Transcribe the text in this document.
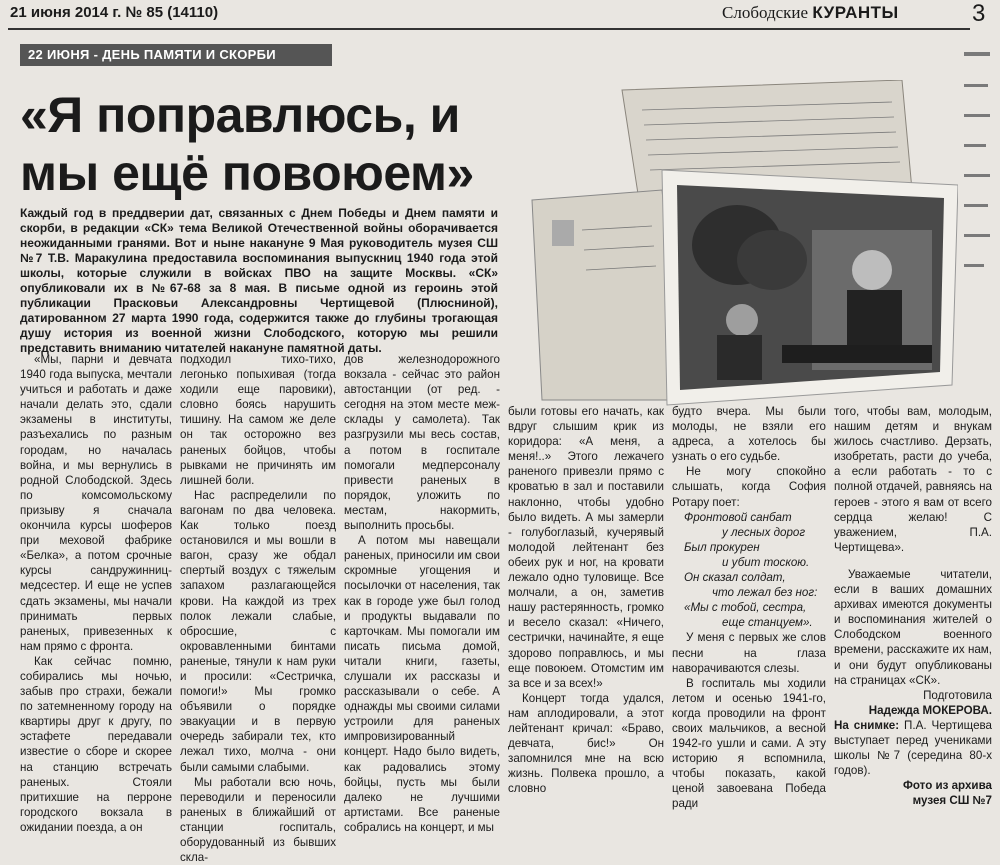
21 июня 2014 г. № 85 (14110)	Слободские КУРАНТЫ	3
22 ИЮНЯ - ДЕНЬ ПАМЯТИ И СКОРБИ
«Я поправлюсь, и мы ещё повоюем»
Каждый год в преддверии дат, связанных с Днем Победы и Днем памяти и скорби, в редакции «СК» тема Великой Отечественной войны оборачивается неожиданными гранями. Вот и ныне накануне 9 Мая руководитель музея СШ №7 Т.В. Маракулина предоставила воспоминания выпускниц 1940 года этой школы, которые служили в войсках ПВО на защите Москвы. «СК» опубликовали их в №67-68 за 8 мая. В письме одной из героинь этой публикации Прасковьи Александровны Чертищевой (Плюсниной), датированном 27 марта 1990 года, содержится также до глубины трогающая душу история из военной жизни Слободского, которую мы решили представить вниманию читателей накануне памятной даты.

«Мы, парни и девчата 1940 года выпуска, мечтали учиться и работать и даже начали делать это, сдали экзамены в институты, разъехались по разным городам, но началась война, и мы вернулись в родной Слободской. Здесь по комсомольскому призыву я сначала окончила курсы шоферов при меховой фабрике «Белка», а потом срочные курсы сандружинниц-медсестер. И еще не успев сдать экзамены, мы начали принимать первых раненых, привезенных к нам прямо с фронта.

Как сейчас помню, собирались мы ночью, забыв про страхи, бежали по затемненному городу на квартиры друг к другу, по эстафете передавали известие о сборе и скорее на станцию встречать раненых. Стояли притихшие на перроне городского вокзала в ожидании поезда, а он

подходил тихо-тихо, легонько попыхивая (тогда ходили еще паровики), словно боясь нарушить тишину. На самом же деле он так осторожно вез раненых бойцов, чтобы рывками не причинять им лишней боли.

Нас распределили по вагонам по два человека. Как только поезд остановился и мы вошли в вагон, сразу же обдал спертый воздух с тяжелым запахом разлагающейся крови. На каждой из трех полок лежали слабые, обросшие, с окровавленными бинтами раненые, тянули к нам руки и просили: «Сестричка, помоги!» Мы громко объявили о порядке эвакуации и в первую очередь забирали тех, кто лежал тихо, молча - они были самыми слабыми.

Мы работали всю ночь, переводили и переносили раненых в ближайший от станции госпиталь, оборудованный из бывших скла-

дов железнодорожного вокзала - сейчас это район автостанции (от ред. - сегодня на этом месте меж-склады у самолета). Так разгрузили мы весь состав, а потом в госпитале помогали медперсоналу привести раненых в порядок, уложить по местам, накормить, выполнить просьбы.

А потом мы навещали раненых, приносили им свои скромные угощения и посылочки от населения, так как в городе уже был голод и продукты выдавали по карточкам. Мы помогали им писать письма домой, читали книги, газеты, слушали их рассказы и рассказывали о себе. А однажды мы своими силами устроили для раненых импровизированный концерт. Надо было видеть, как радовались этому бойцы, пусть мы были далеко не лучшими артистами. Все раненые собрались на концерт, и мы

были готовы его начать, как вдруг слышим крик из коридора: «А меня, а меня!..» Этого лежачего раненого привезли прямо с кроватью в зал и поставили наклонно, чтобы удобно было видеть. А мы замерли - голубоглазый, кучерявый молодой лейтенант без обеих рук и ног, на кровати лежало одно туловище. Все молчали, а он, заметив нашу растерянность, громко и весело сказал: «Ничего, сестрички, начинайте, я еще здорово поправлюсь, и мы еще повоюем. Отомстим им за все и за всех!»

Концерт тогда удался, нам аплодировали, а этот лейтенант кричал: «Браво, девчата, бис!» Он запомнился мне на всю жизнь. Полвека прошло, а словно

будто вчера. Мы были молоды, не взяли его адреса, а хотелось бы узнать о его судьбе.

Не могу спокойно слышать, когда София Ротару поет:

Фронтовой санбат
у лесных дорог
Был прокурен
и убит тоскою.
Он сказал солдат,
что лежал без ног:
«Мы с тобой, сестра,
еще станцуем».

У меня с первых же слов песни на глаза наворачиваются слезы.

В госпиталь мы ходили летом и осенью 1941-го, когда проводили на фронт своих мальчиков, а весной 1942-го ушли и сами. А эту историю я вспомнила, чтобы показать, какой ценой завоевана Победа ради

того, чтобы вам, молодым, нашим детям и внукам жилось счастливо. Дерзать, изобретать, расти до учеба, а если работать - то с полной отдачей, равняясь на героев - этого я вам от всего сердца желаю! С уважением, П.А. Чертищева».

Уважаемые читатели, если в ваших домашних архивах имеются документы и воспоминания жителей о Слободском военного времени, расскажите их нам, и они будут опубликованы на страницах «СК».

Подготовила
Надежда МОКЕРОВА.
На снимке: П.А. Чертищева выступает перед учениками школы №7 (середина 80-х годов).
Фото из архива
музея СШ №7
